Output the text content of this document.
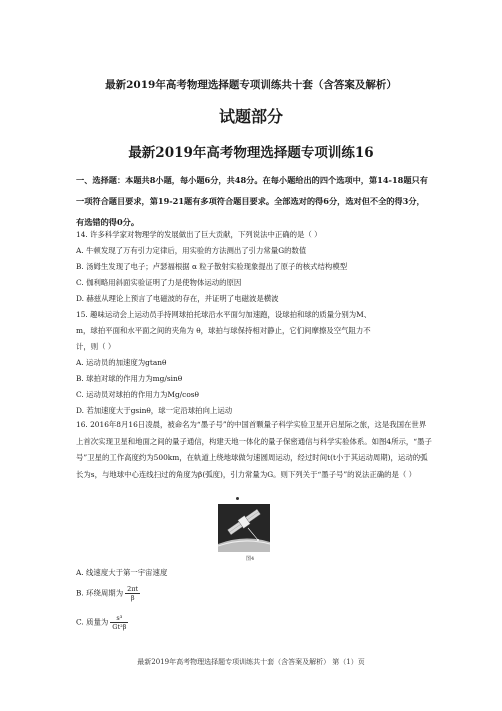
最新2019年高考物理选择题专项训练共十套（含答案及解析）
试题部分
最新2019年高考物理选择题专项训练16
一、选择题：本题共8小题，每小题6分，共48分。在每小题给出的四个选项中，第14-18题只有一项符合题目要求，第19-21题有多项符合题目要求。全部选对的得6分，选对但不全的得3分，有选错的得0分。
14. 许多科学家对物理学的发展做出了巨大贡献，下列说法中正确的是（ ）
A. 牛顿发现了万有引力定律后，用实验的方法测出了引力常量G的数值
B. 汤姆生发现了电子；卢瑟福根据 α 粒子散射实验现象提出了原子的核式结构模型
C. 伽利略用斜面实验证明了力是使物体运动的原因
D. 赫兹从理论上预言了电磁波的存在，并证明了电磁波是横波
15. 趣味运动会上运动员手持网球拍托球沿水平面匀加速跑，设球拍和球的质量分别为M、
m，球拍平面和水平面之间的夹角为 θ，球拍与球保持相对静止，它们间摩擦及空气阻力不
计，则（ ）
A. 运动员的加速度为gtanθ
B. 球拍对球的作用力为mg/sinθ
C. 运动员对球拍的作用力为Mg/cosθ
D. 若加速度大于gsinθ，球一定沿球拍向上运动
16. 2016年8月16日凌晨，被命名为“墨子号”的中国首颗量子科学实验卫星开启星际之旅，这是我国在世界上首次实现卫星和地面之间的量子通信，构建天地一体化的量子保密通信与科学实验体系。如图4所示，“墨子号”卫星的工作高度约为500km，在轨道上绕地球做匀速圆周运动，经过时间t(t小于其运动周期)，运动的弧长为s，与地球中心连线扫过的角度为β(弧度)，引力常量为G。则下列关于“墨子号”的说法正确的是（ ）
图4
A. 线速度大于第一宇宙速度
B. 环绕周期为 $\frac{2\pi t}{\beta}$
C. 质量为 $\frac{\text{s³}}{\text{Gt²β}}$
最新2019年高考物理选择题专项训练共十套（含答案及解析） 第（1）页
